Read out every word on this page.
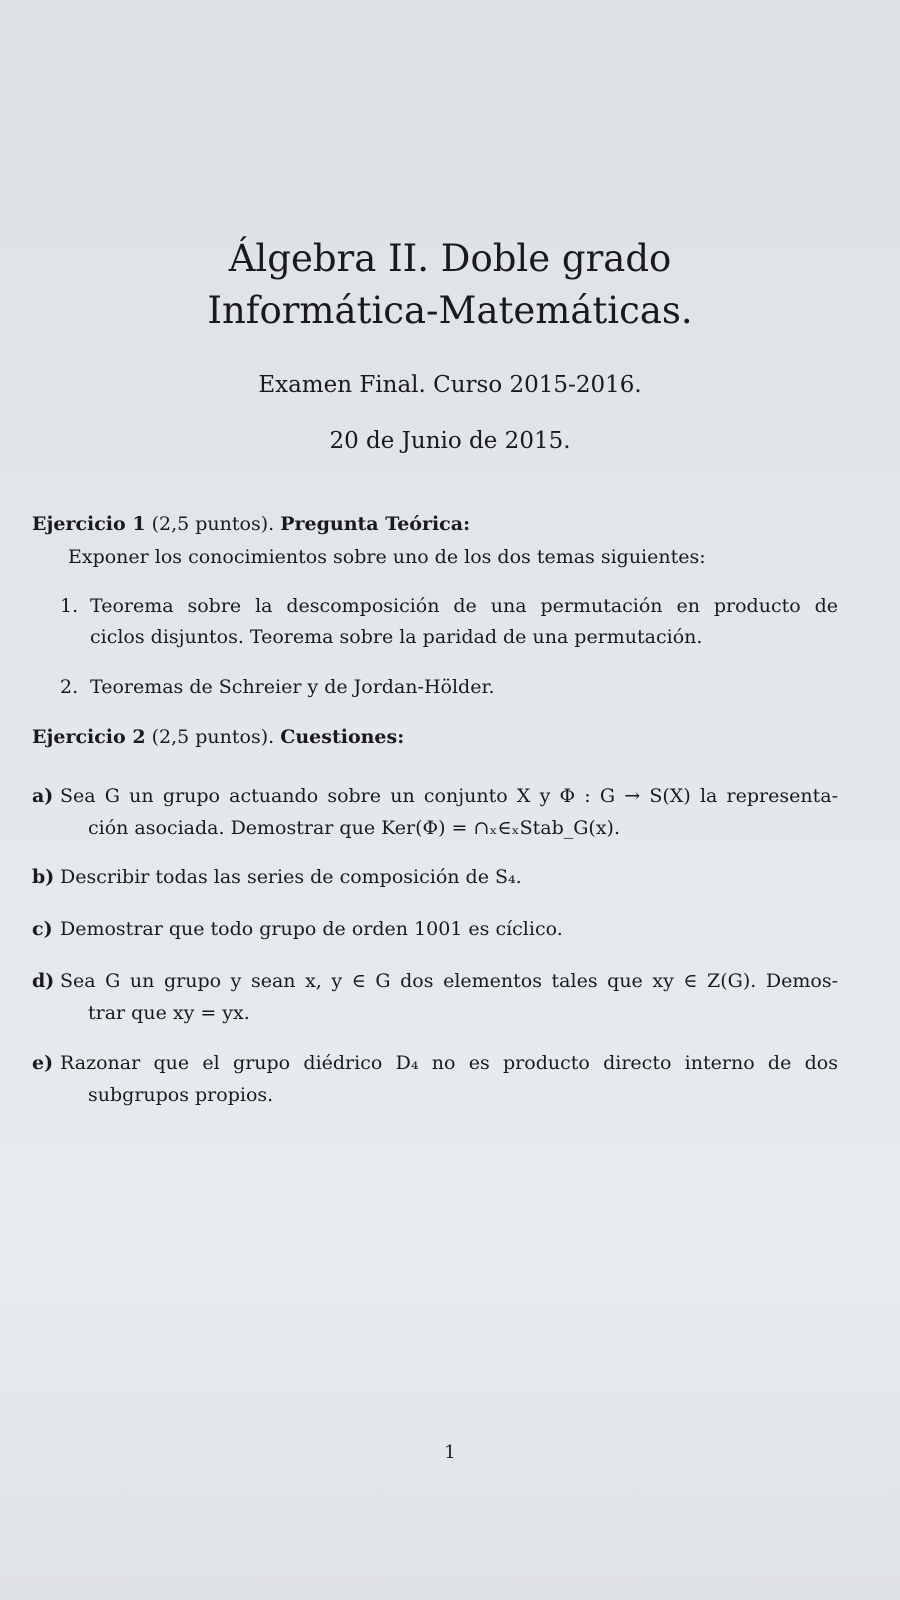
Álgebra II. Doble grado
Informática-Matemáticas.
Examen Final. Curso 2015-2016.
20 de Junio de 2015.
Ejercicio 1 (2,5 puntos). Pregunta Teórica:
Exponer los conocimientos sobre uno de los dos temas siguientes:
1. Teorema sobre la descomposición de una permutación en producto de
ciclos disjuntos. Teorema sobre la paridad de una permutación.
2. Teoremas de Schreier y de Jordan-Hölder.
Ejercicio 2 (2,5 puntos). Cuestiones:
a) Sea G un grupo actuando sobre un conjunto X y Φ : G → S(X) la representa-
ción asociada. Demostrar que Ker(Φ) = ∩ₓ∈ₓStab_G(x).
b) Describir todas las series de composición de S₄.
c) Demostrar que todo grupo de orden 1001 es cíclico.
d) Sea G un grupo y sean x, y ∈ G dos elementos tales que xy ∈ Z(G). Demos-
trar que xy = yx.
e) Razonar que el grupo diédrico D₄ no es producto directo interno de dos
subgrupos propios.
1
